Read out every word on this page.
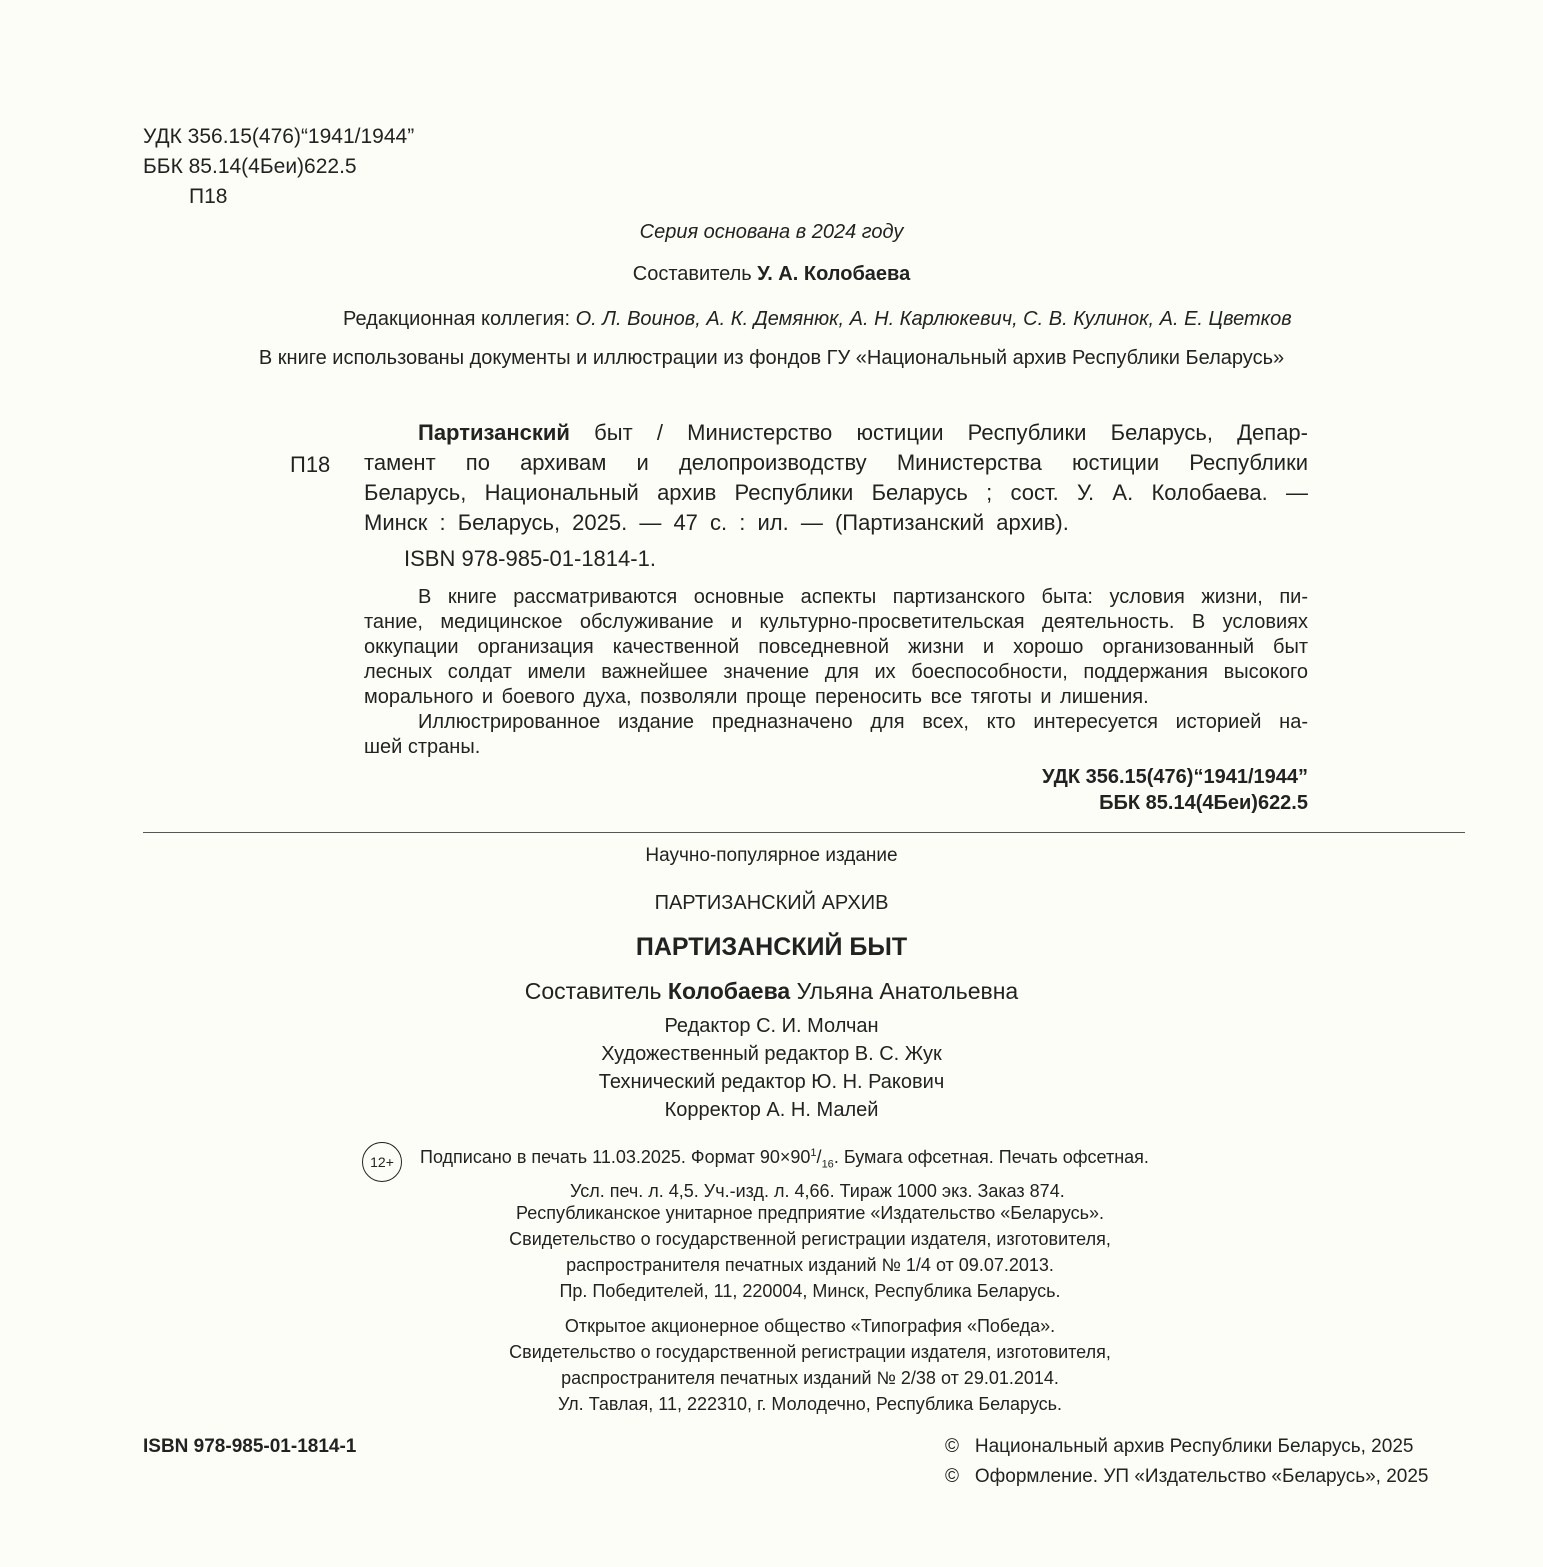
УДК 356.15(476)“1941/1944”
ББК 85.14(4Беи)622.5
П18
Серия основана в 2024 году
Составитель У. А. Колобаева
Редакционная коллегия: О. Л. Воинов, А. К. Демянюк, А. Н. Карлюкевич, С. В. Кулинок, А. Е. Цветков
В книге использованы документы и иллюстрации из фондов ГУ «Национальный архив Республики Беларусь»
П18
Партизанский быт / Министерство юстиции Республики Беларусь, Депар-
тамент по архивам и делопроизводству Министерства юстиции Республики
Беларусь, Национальный архив Республики Беларусь ; сост. У. А. Колобаева. —
Минск : Беларусь, 2025. — 47 с. : ил. — (Партизанский архив).
ISBN 978-985-01-1814-1.
В книге рассматриваются основные аспекты партизанского быта: условия жизни, пи-
тание, медицинское обслуживание и культурно-просветительская деятельность. В условиях
оккупации организация качественной повседневной жизни и хорошо организованный быт
лесных солдат имели важнейшее значение для их боеспособности, поддержания высокого
морального и боевого духа, позволяли проще переносить все тяготы и лишения.
Иллюстрированное издание предназначено для всех, кто интересуется историей на-
шей страны.
УДК 356.15(476)“1941/1944”
ББК 85.14(4Беи)622.5
Научно-популярное издание
ПАРТИЗАНСКИЙ АРХИВ
ПАРТИЗАНСКИЙ БЫТ
Составитель Колобаева Ульяна Анатольевна
Редактор С. И. Молчан
Художественный редактор В. С. Жук
Технический редактор Ю. Н. Ракович
Корректор А. Н. Малей
12+	Подписано в печать 11.03.2025. Формат $90\times 90^1/_{16}$. Бумага офсетная. Печать офсетная.
Усл. печ. л. 4,5. Уч.-изд. л. 4,66. Тираж 1000 экз. Заказ 874.
Республиканское унитарное предприятие «Издательство «Беларусь».
Свидетельство о государственной регистрации издателя, изготовителя,
распространителя печатных изданий № 1/4 от 09.07.2013.
Пр. Победителей, 11, 220004, Минск, Республика Беларусь.
Открытое акционерное общество «Типография «Победа».
Свидетельство о государственной регистрации издателя, изготовителя,
распространителя печатных изданий № 2/38 от 29.01.2014.
Ул. Тавлая, 11, 222310, г. Молодечно, Республика Беларусь.
ISBN 978-985-01-1814-1	© Национальный архив Республики Беларусь, 2025
© Оформление. УП «Издательство «Беларусь», 2025
